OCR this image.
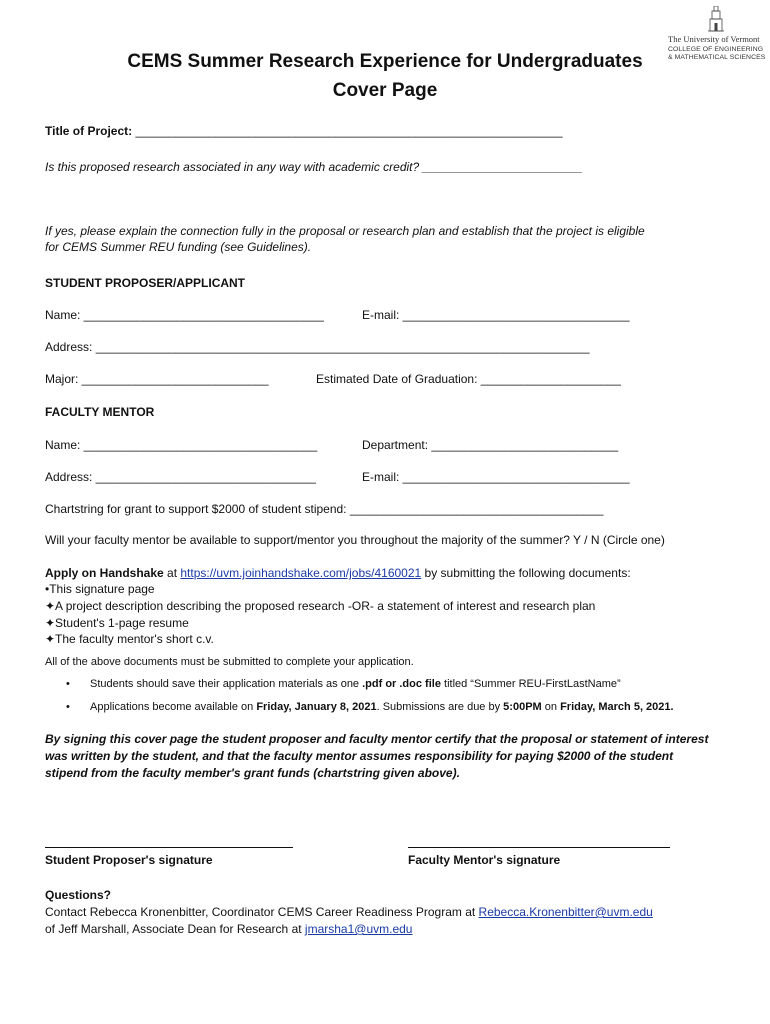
The University of Vermont
COLLEGE OF ENGINEERING
& MATHEMATICAL SCIENCES
CEMS Summer Research Experience for Undergraduates
Cover Page
Title of Project: ________________________________________________________________
Is this proposed research associated in any way with academic credit? ________________________
If yes, please explain the connection fully in the proposal or research plan and establish that the project is eligible
for CEMS Summer REU funding (see Guidelines).
STUDENT PROPOSER/APPLICANT
Name: ____________________________________	E-mail: __________________________________
Address: __________________________________________________________________________
Major: ____________________________	Estimated Date of Graduation: _____________________
FACULTY MENTOR
Name: ___________________________________	Department: ____________________________
Address: _________________________________	E-mail: __________________________________
Chartstring for grant to support $2000 of student stipend: ______________________________________
Will your faculty mentor be available to support/mentor you throughout the majority of the summer? Y / N (Circle one)
Apply on Handshake at https://uvm.joinhandshake.com/jobs/4160021 by submitting the following documents:
•This signature page
✦A project description describing the proposed research -OR- a statement of interest and research plan
✦Student's 1-page resume
✦The faculty mentor's short c.v.
All of the above documents must be submitted to complete your application.
• Students should save their application materials as one .pdf or .doc file titled “Summer REU-FirstLastName”
• Applications become available on Friday, January 8, 2021. Submissions are due by 5:00PM on Friday, March 5, 2021.
By signing this cover page the student proposer and faculty mentor certify that the proposal or statement of interest
was written by the student, and that the faculty mentor assumes responsibility for paying $2000 of the student
stipend from the faculty member's grant funds (chartstring given above).
Student Proposer's signature	Faculty Mentor's signature
Questions?
Contact Rebecca Kronenbitter, Coordinator CEMS Career Readiness Program at Rebecca.Kronenbitter@uvm.edu
of Jeff Marshall, Associate Dean for Research at jmarsha1@uvm.edu
